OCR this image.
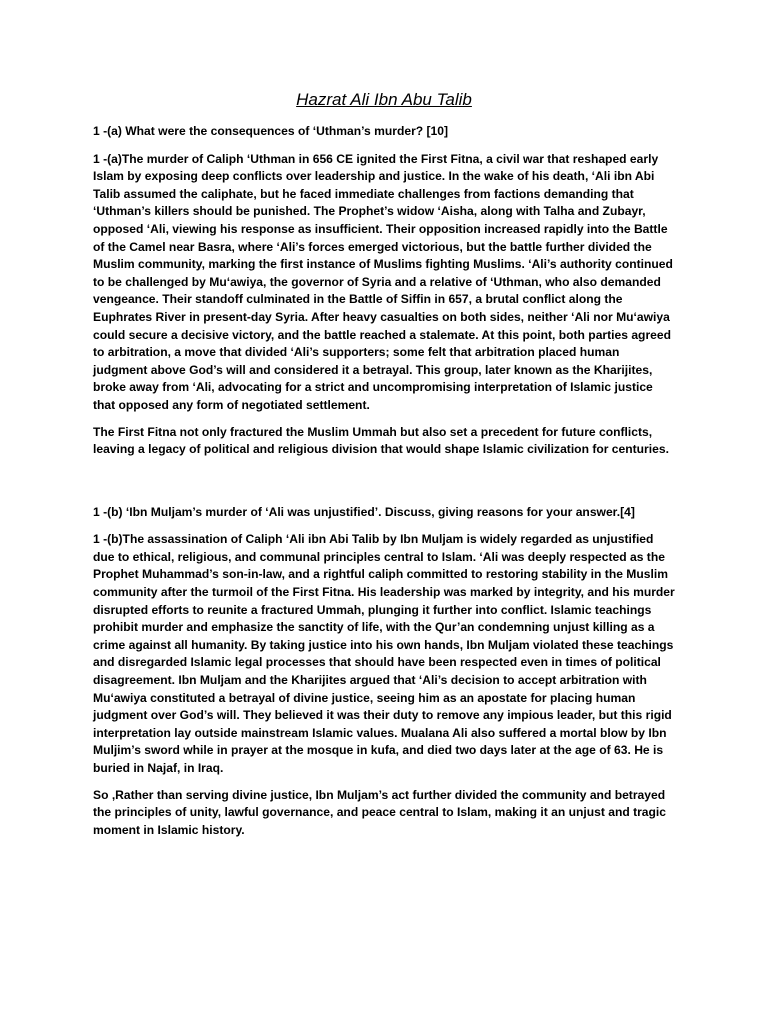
Hazrat Ali Ibn Abu Talib

1 -(a) What were the consequences of ‘Uthman’s murder? [10]

1 -(a)The murder of Caliph ‘Uthman in 656 CE ignited the First Fitna, a civil war that reshaped early Islam by exposing deep conflicts over leadership and justice. In the wake of his death, ‘Ali ibn Abi Talib assumed the caliphate, but he faced immediate challenges from factions demanding that ‘Uthman’s killers should be punished. The Prophet’s widow ‘Aisha, along with Talha and Zubayr, opposed ‘Ali, viewing his response as insufficient. Their opposition increased rapidly into the Battle of the Camel near Basra, where ‘Ali’s forces emerged victorious, but the battle further divided the Muslim community, marking the first instance of Muslims fighting Muslims. ‘Ali’s authority continued to be challenged by Mu‘awiya, the governor of Syria and a relative of ‘Uthman, who also demanded vengeance. Their standoff culminated in the Battle of Siffin in 657, a brutal conflict along the Euphrates River in present-day Syria. After heavy casualties on both sides, neither ‘Ali nor Mu‘awiya could secure a decisive victory, and the battle reached a stalemate. At this point, both parties agreed to arbitration, a move that divided ‘Ali’s supporters; some felt that arbitration placed human judgment above God’s will and considered it a betrayal. This group, later known as the Kharijites, broke away from ‘Ali, advocating for a strict and uncompromising interpretation of Islamic justice that opposed any form of negotiated settlement.

The First Fitna not only fractured the Muslim Ummah but also set a precedent for future conflicts, leaving a legacy of political and religious division that would shape Islamic civilization for centuries.

1 -(b) ‘Ibn Muljam’s murder of ‘Ali was unjustified’. Discuss, giving reasons for your answer.[4]

1 -(b)The assassination of Caliph ‘Ali ibn Abi Talib by Ibn Muljam is widely regarded as unjustified due to ethical, religious, and communal principles central to Islam. ‘Ali was deeply respected as the Prophet Muhammad’s son-in-law, and a rightful caliph committed to restoring stability in the Muslim community after the turmoil of the First Fitna. His leadership was marked by integrity, and his murder disrupted efforts to reunite a fractured Ummah, plunging it further into conflict. Islamic teachings prohibit murder and emphasize the sanctity of life, with the Qur’an condemning unjust killing as a crime against all humanity. By taking justice into his own hands, Ibn Muljam violated these teachings and disregarded Islamic legal processes that should have been respected even in times of political disagreement. Ibn Muljam and the Kharijites argued that ‘Ali’s decision to accept arbitration with Mu‘awiya constituted a betrayal of divine justice, seeing him as an apostate for placing human judgment over God’s will. They believed it was their duty to remove any impious leader, but this rigid interpretation lay outside mainstream Islamic values. Mualana Ali also suffered a mortal blow by Ibn Muljim’s sword while in prayer at the mosque in kufa, and died two days later at the age of 63. He is buried in Najaf, in Iraq.

So ,Rather than serving divine justice, Ibn Muljam’s act further divided the community and betrayed the principles of unity, lawful governance, and peace central to Islam, making it an unjust and tragic moment in Islamic history.
